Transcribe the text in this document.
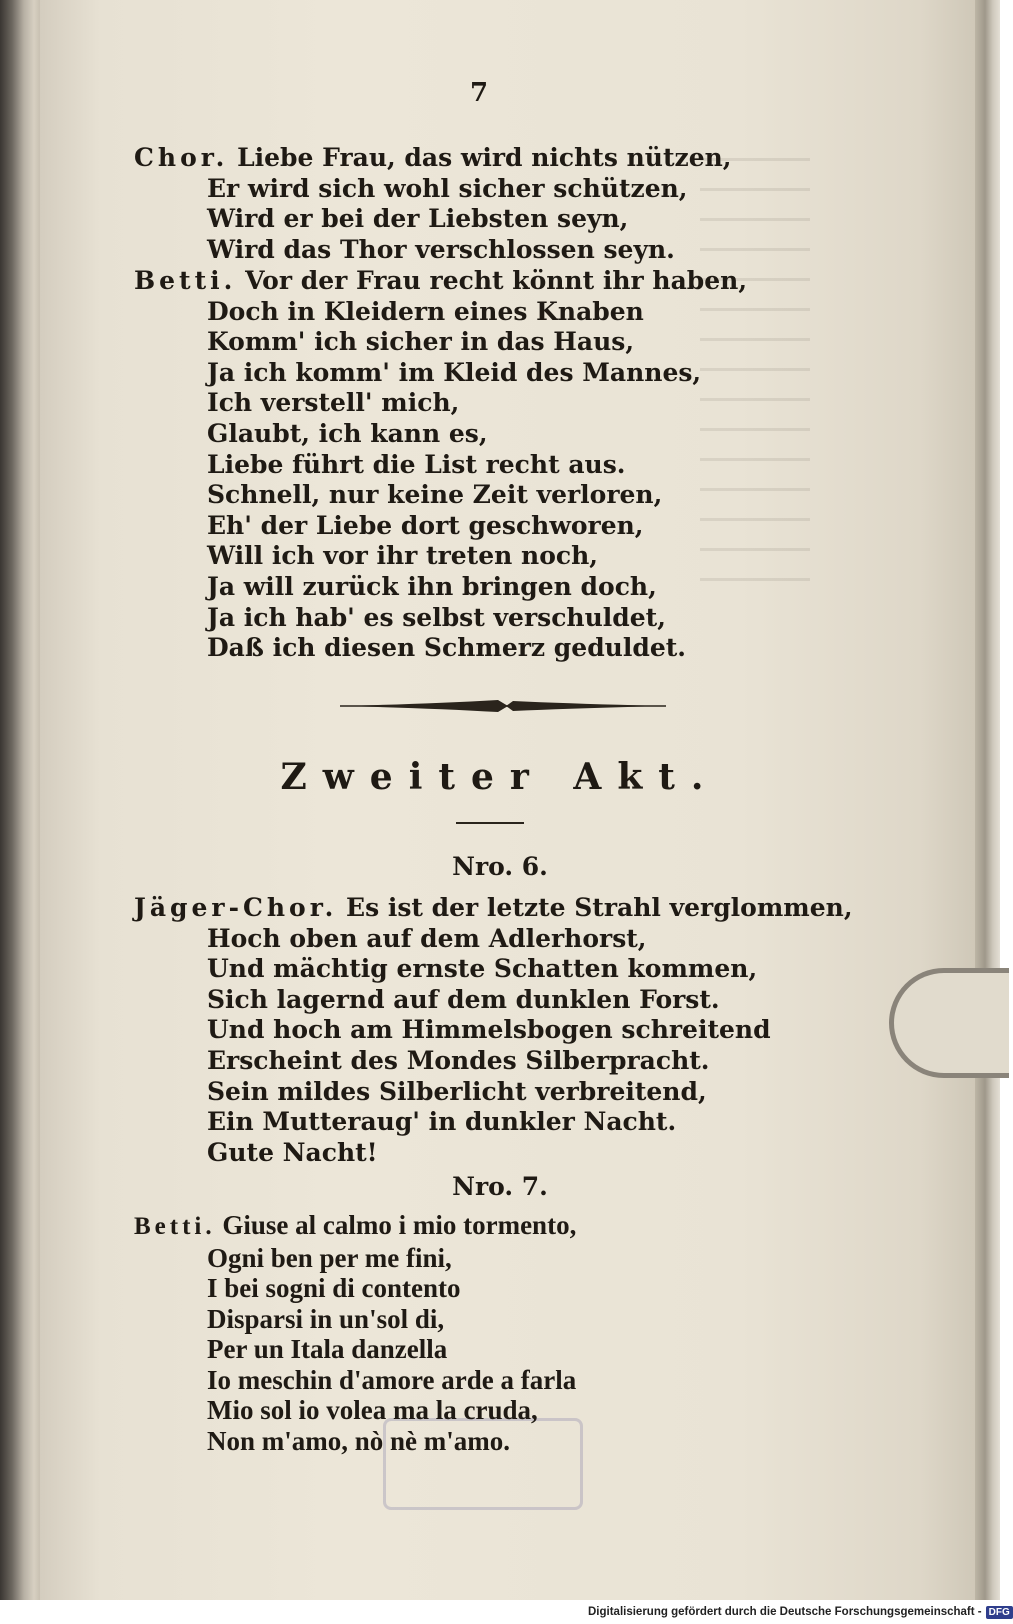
7
Chor. Liebe Frau, das wird nichts nützen,
Er wird sich wohl sicher schützen,
Wird er bei der Liebsten seyn,
Wird das Thor verschlossen seyn.
Betti. Vor der Frau recht könnt ihr haben,
Doch in Kleidern eines Knaben
Komm' ich sicher in das Haus,
Ja ich komm' im Kleid des Mannes,
Ich verstell' mich,
Glaubt, ich kann es,
Liebe führt die List recht aus.
Schnell, nur keine Zeit verloren,
Eh' der Liebe dort geschworen,
Will ich vor ihr treten noch,
Ja will zurück ihn bringen doch,
Ja ich hab' es selbst verschuldet,
Daß ich diesen Schmerz geduldet.
Zweiter Akt.
Nro. 6.
Jäger-Chor. Es ist der letzte Strahl verglommen,
Hoch oben auf dem Adlerhorst,
Und mächtig ernste Schatten kommen,
Sich lagernd auf dem dunklen Forst.
Und hoch am Himmelsbogen schreitend
Erscheint des Mondes Silberpracht.
Sein mildes Silberlicht verbreitend,
Ein Mutteraug' in dunkler Nacht.
Gute Nacht!
Nro. 7.
Betti. Giuse al calmo i mio tormento,
Ogni ben per me fini,
I bei sogni di contento
Disparsi in un'sol di,
Per un Itala danzella
Io meschin d'amore arde a farla
Mio sol io volea ma la cruda,
Non m'amo, nò nè m'amo.
Digitalisierung gefördert durch die Deutsche Forschungsgemeinschaft - DFG
